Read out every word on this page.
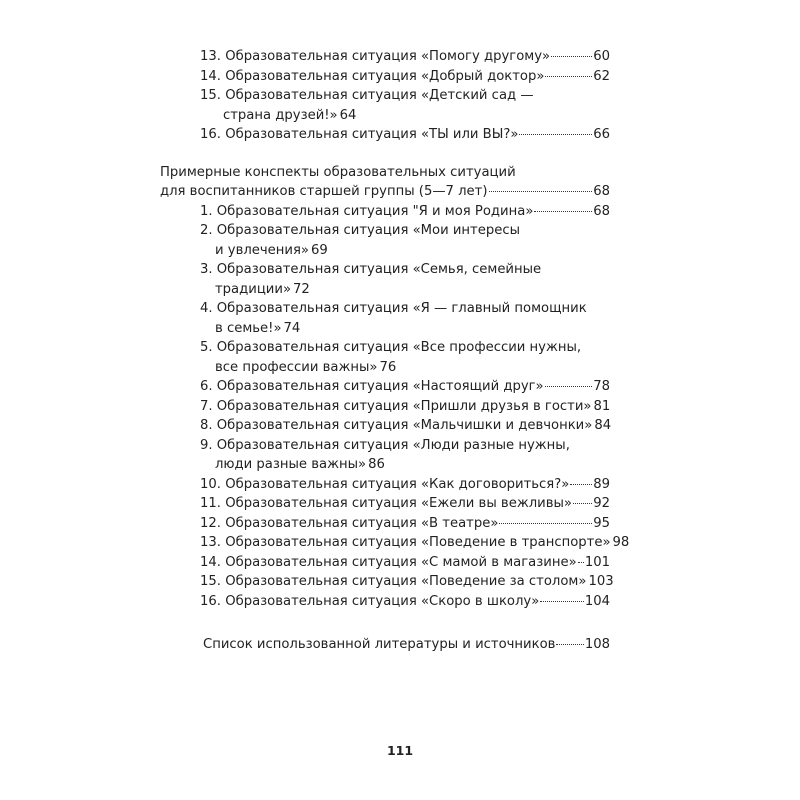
13. Образовательная ситуация «Помогу другому»	60
14. Образовательная ситуация «Добрый доктор»	62
15. Образовательная ситуация «Детский сад —
страна друзей!» 64
16. Образовательная ситуация «ТЫ или ВЫ?»	66
Примерные конспекты образовательных ситуаций
для воспитанников старшей группы (5—7 лет)	68
1. Образовательная ситуация "Я и моя Родина»	68
2. Образовательная ситуация «Мои интересы
и увлечения» 69
3. Образовательная ситуация «Семья, семейные
традиции» 72
4. Образовательная ситуация «Я — главный помощник
в семье!» 74
5. Образовательная ситуация «Все профессии нужны,
все профессии важны» 76
6. Образовательная ситуация «Настоящий друг»	78
7. Образовательная ситуация «Пришли друзья в гости» 81
8. Образовательная ситуация «Мальчишки и девчонки» 84
9. Образовательная ситуация «Люди разные нужны,
люди разные важны» 86
10. Образовательная ситуация «Как договориться?» 89
11. Образовательная ситуация «Ежели вы вежливы» 92
12. Образовательная ситуация «В театре»	95
13. Образовательная ситуация «Поведение в транспорте» 98
14. Образовательная ситуация «С мамой в магазине» 101
15. Образовательная ситуация «Поведение за столом» 103
16. Образовательная ситуация «Скоро в школу»	104
Список использованной литературы и источников 108
111
